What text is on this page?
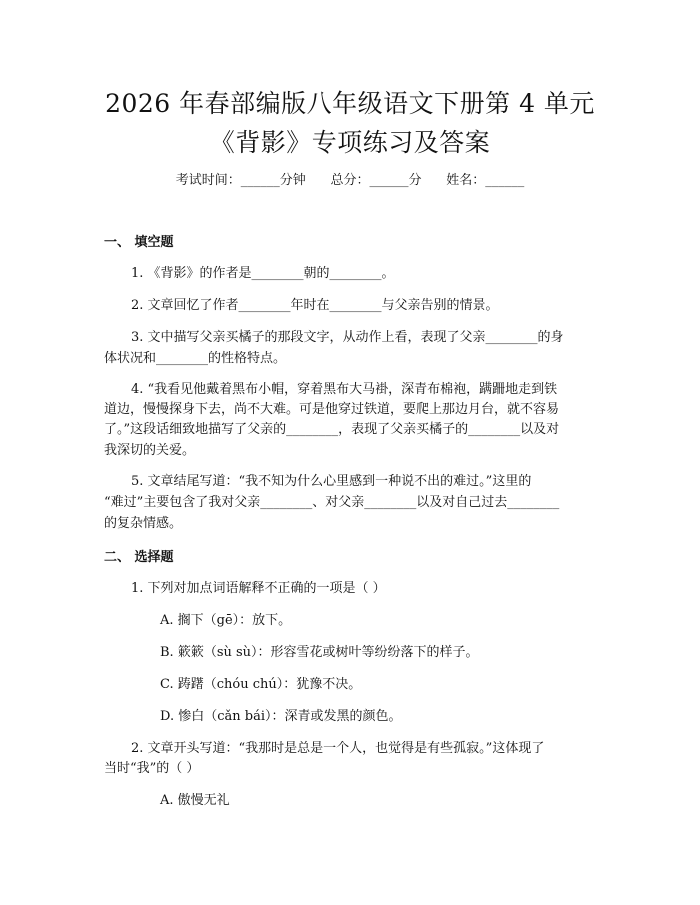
2026 年春部编版八年级语文下册第 4 单元
《背影》专项练习及答案
考试时间：______分钟      总分：______分      姓名：______
一、 填空题
1. 《背影》的作者是________朝的________。
2. 文章回忆了作者________年时在________与父亲告别的情景。
3. 文中描写父亲买橘子的那段文字，从动作上看，表现了父亲________的身
体状况和________的性格特点。
4. “我看见他戴着黑布小帽，穿着黑布大马褂，深青布棉袍，蹒跚地走到铁
道边，慢慢探身下去，尚不大难。可是他穿过铁道，要爬上那边月台，就不容易
了。”这段话细致地描写了父亲的________，表现了父亲买橘子的________以及对
我深切的关爱。
5. 文章结尾写道：“我不知为什么心里感到一种说不出的难过。”这里的
“难过”主要包含了我对父亲________、对父亲________以及对自己过去________
的复杂情感。
二、 选择题
1. 下列对加点词语解释不正确的一项是（ ）
A. 搁下（gē）：放下。
B. 簌簌（sù sù）：形容雪花或树叶等纷纷落下的样子。
C. 踌躇（chóu chú）：犹豫不决。
D. 惨白（cǎn bái）：深青或发黑的颜色。
2. 文章开头写道：“我那时是总是一个人，也觉得是有些孤寂。”这体现了
当时“我”的（ ）
A. 傲慢无礼
